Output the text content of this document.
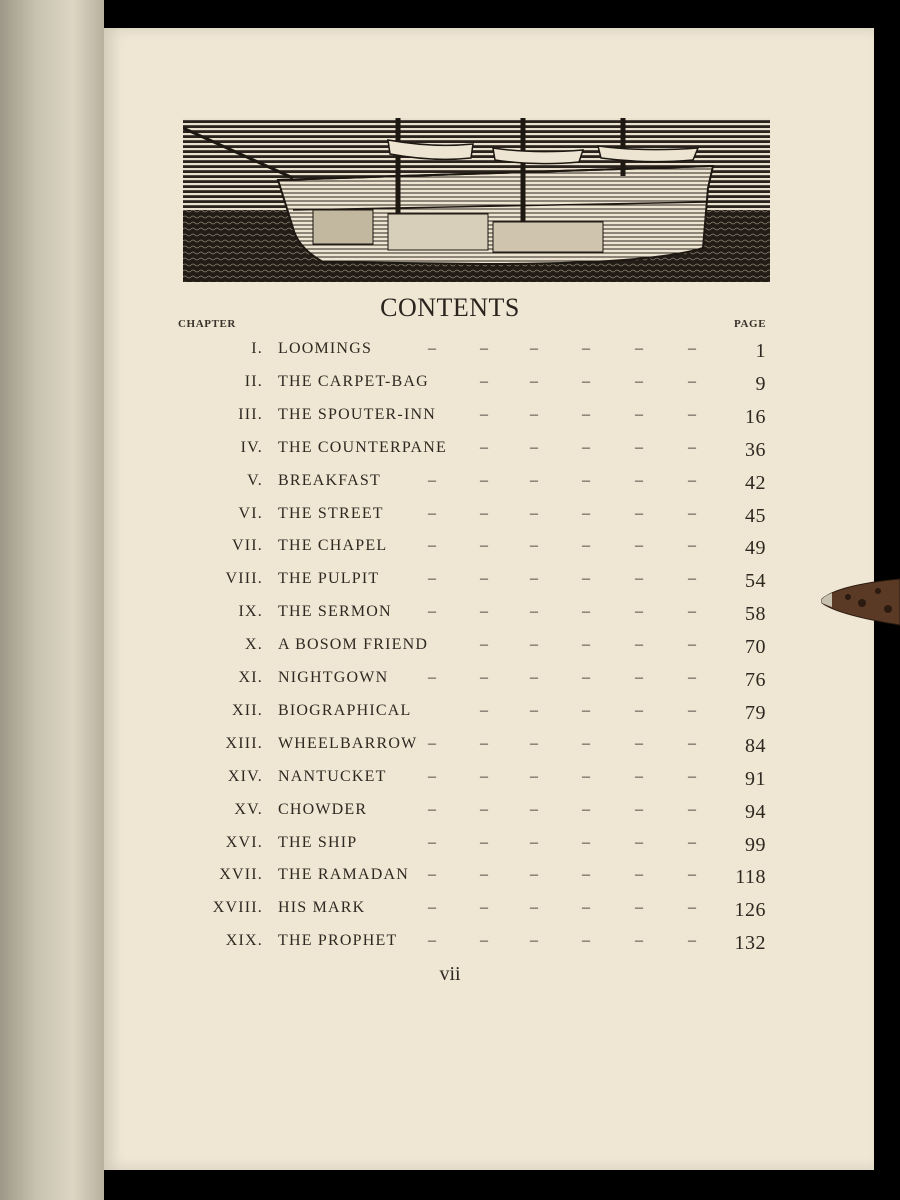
CONTENTS
CHAPTER	PAGE
I. LOOMINGS	–	–	–	–	–	–	1
II. THE CARPET-BAG	–	–	–	–	–	9
III. THE SPOUTER-INN	–	–	–	–	– 16
IV. THE COUNTERPANE –	–	–	–	– 36
V. BREAKFAST	–	–	–	–	–	– 42
VI. THE STREET	–	–	–	–	–	– 45
VII. THE CHAPEL	–	–	–	–	–	– 49
VIII. THE PULPIT	–	–	–	–	–	– 54
IX. THE SERMON –	–	–	–	–	– 58
X. A BOSOM FRIEND	–	–	–	–	– 70
XI. NIGHTGOWN –	–	–	–	–	– 76
XII. BIOGRAPHICAL	–	–	–	–	– 79
XIII. WHEELBARROW –	–	–	–	–	– 84
XIV. NANTUCKET	–	–	–	–	–	– 91
XV. CHOWDER	–	–	–	–	–	– 94
XVI. THE SHIP	–	–	–	–	–	– 99
XVII. THE RAMADAN –	–	–	–	–	– 118
XVIII. HIS MARK	–	–	–	–	–	– 126
XIX. THE PROPHET –	–	–	–	–	– 132
vii
